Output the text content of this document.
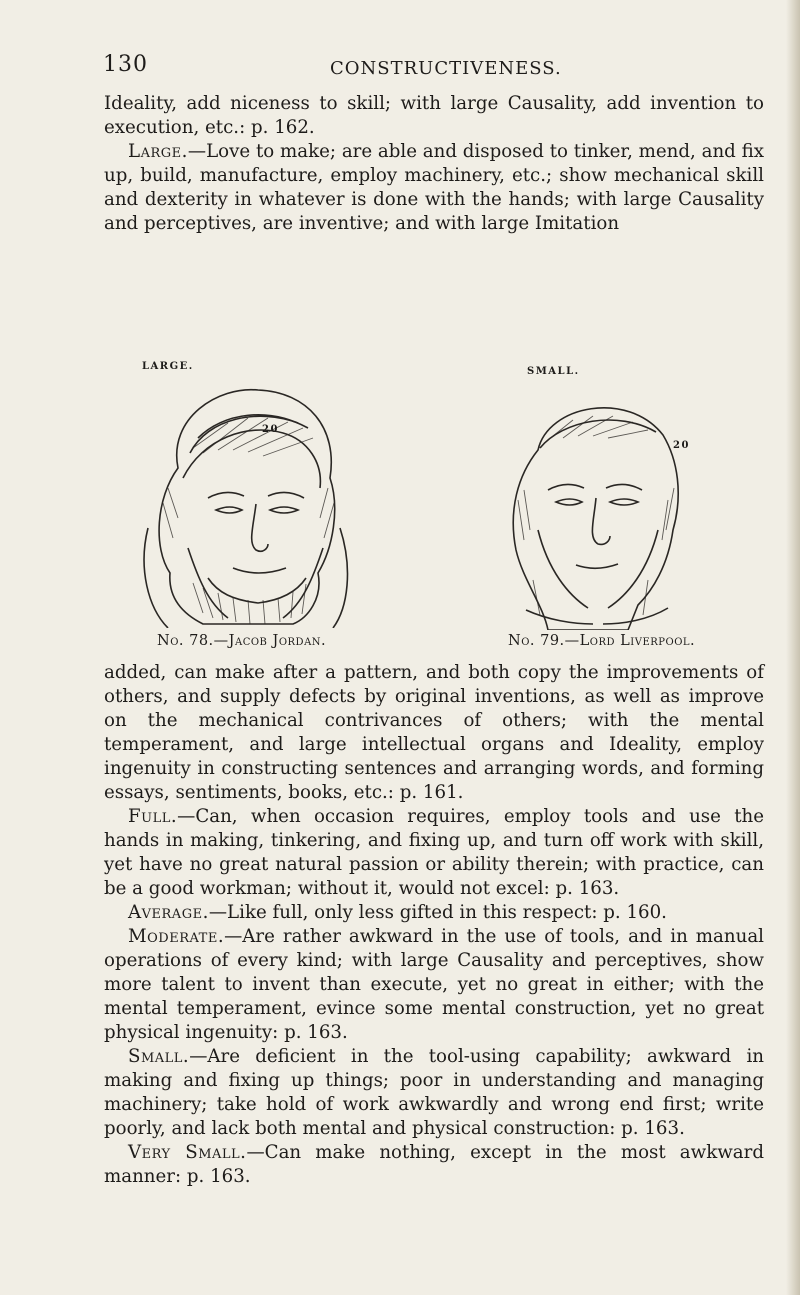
130	CONSTRUCTIVENESS.

Ideality, add niceness to skill; with large Causality, add invention to execution, etc.: p. 162.

Large.—Love to make; are able and disposed to tinker, mend, and fix up, build, manufacture, employ machinery, etc.; show mechanical skill and dexterity in whatever is done with the hands; with large Causality and perceptives, are inventive; and with large Imitation

LARGE.
20
No. 78.—Jacob Jordan.
SMALL.
20
No. 79.—Lord Liverpool.

added, can make after a pattern, and both copy the improvements of others, and supply defects by original inventions, as well as improve on the mechanical contrivances of others; with the mental temperament, and large intellectual organs and Ideality, employ ingenuity in constructing sentences and arranging words, and forming essays, sentiments, books, etc.: p. 161.

Full.—Can, when occasion requires, employ tools and use the hands in making, tinkering, and fixing up, and turn off work with skill, yet have no great natural passion or ability therein; with practice, can be a good workman; without it, would not excel: p. 163.

Average.—Like full, only less gifted in this respect: p. 160.

Moderate.—Are rather awkward in the use of tools, and in manual operations of every kind; with large Causality and perceptives, show more talent to invent than execute, yet no great in either; with the mental temperament, evince some mental construction, yet no great physical ingenuity: p. 163.

Small.—Are deficient in the tool-using capability; awkward in making and fixing up things; poor in understanding and managing machinery; take hold of work awkwardly and wrong end first; write poorly, and lack both mental and physical construction: p. 163.

Very Small.—Can make nothing, except in the most awkward manner: p. 163.
